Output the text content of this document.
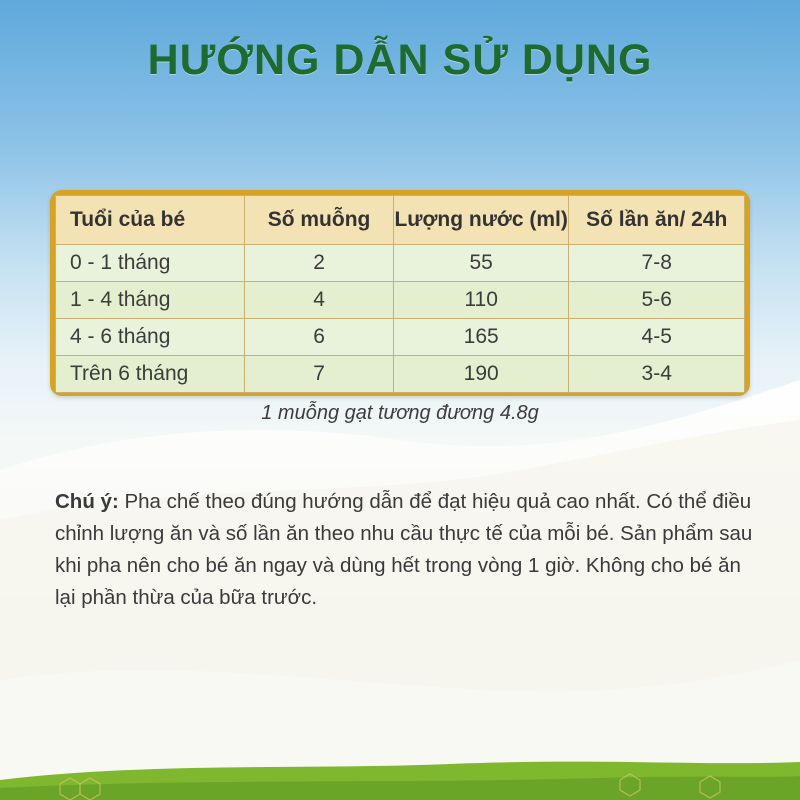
HƯỚNG DẪN SỬ DỤNG
Tuổi của bé	Số muỗng	Lượng nước (ml)	Số lần ăn/ 24h
0 - 1 tháng	2	55	7-8
1 - 4 tháng	4	110	5-6
4 - 6 tháng	6	165	4-5
Trên 6 tháng	7	190	3-4
1 muỗng gạt tương đương 4.8g
Chú ý: Pha chế theo đúng hướng dẫn để đạt hiệu quả cao nhất. Có thể điều chỉnh lượng ăn và số lần ăn theo nhu cầu thực tế của mỗi bé. Sản phẩm sau khi pha nên cho bé ăn ngay và dùng hết trong vòng 1 giờ. Không cho bé ăn lại phần thừa của bữa trước.
